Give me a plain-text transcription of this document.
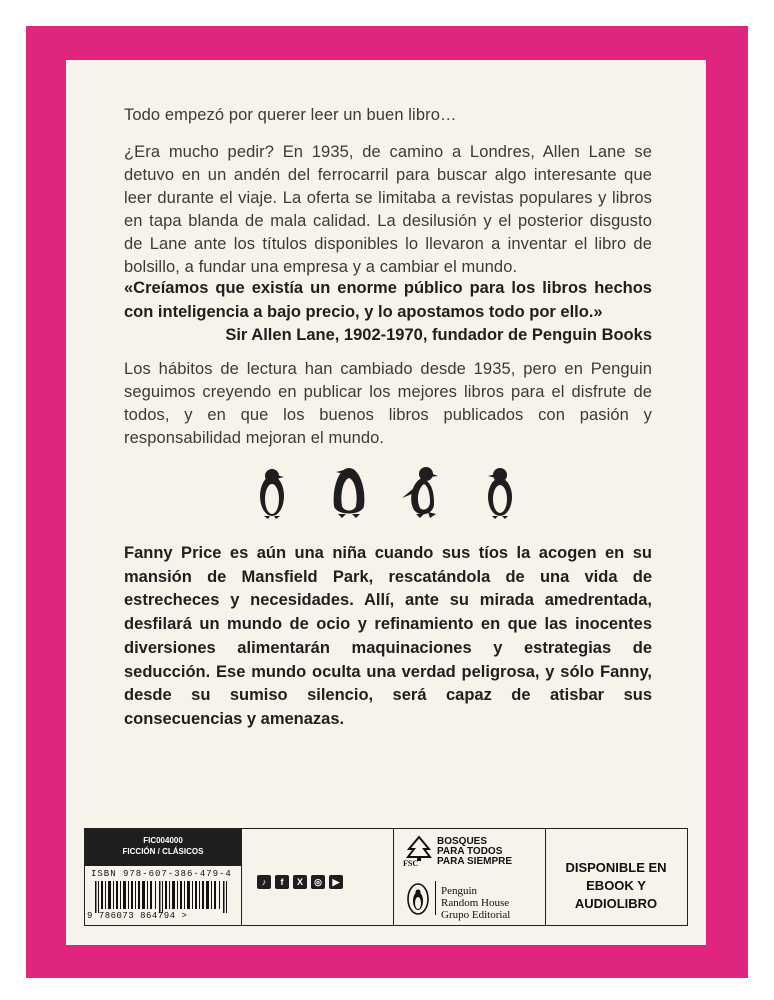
Todo empezó por querer leer un buen libro…
¿Era mucho pedir? En 1935, de camino a Londres, Allen Lane se detuvo en un andén del ferrocarril para buscar algo interesante que leer durante el viaje. La oferta se limitaba a revistas populares y libros en tapa blanda de mala calidad. La desilusión y el posterior disgusto de Lane ante los títulos disponibles lo llevaron a inventar el libro de bolsillo, a fundar una empresa y a cambiar el mundo.
«Creíamos que existía un enorme público para los libros hechos con inteligencia a bajo precio, y lo apostamos todo por ello.»
Sir Allen Lane, 1902-1970, fundador de Penguin Books
Los hábitos de lectura han cambiado desde 1935, pero en Penguin seguimos creyendo en publicar los mejores libros para el disfrute de todos, y en que los buenos libros publicados con pasión y responsabilidad mejoran el mundo.
Fanny Price es aún una niña cuando sus tíos la acogen en su mansión de Mansfield Park, rescatándola de una vida de estrecheces y necesidades. Allí, ante su mirada amedrentada, desfilará un mundo de ocio y refinamiento en que las inocentes diversiones alimentarán maquinaciones y estrategias de seducción. Ese mundo oculta una verdad peligrosa, y sólo Fanny, desde su sumiso silencio, será capaz de atisbar sus consecuencias y amenazas.
FIC004000
FICCIÓN / CLÁSICOS
ISBN 978-607-386-479-4
9 786073 864794 >
♪	f	X	◎	▶
FSC
BOSQUES
PARA TODOS
PARA SIEMPRE
Penguin
Random House
Grupo Editorial
DISPONIBLE EN
EBOOK Y AUDIOLIBRO
